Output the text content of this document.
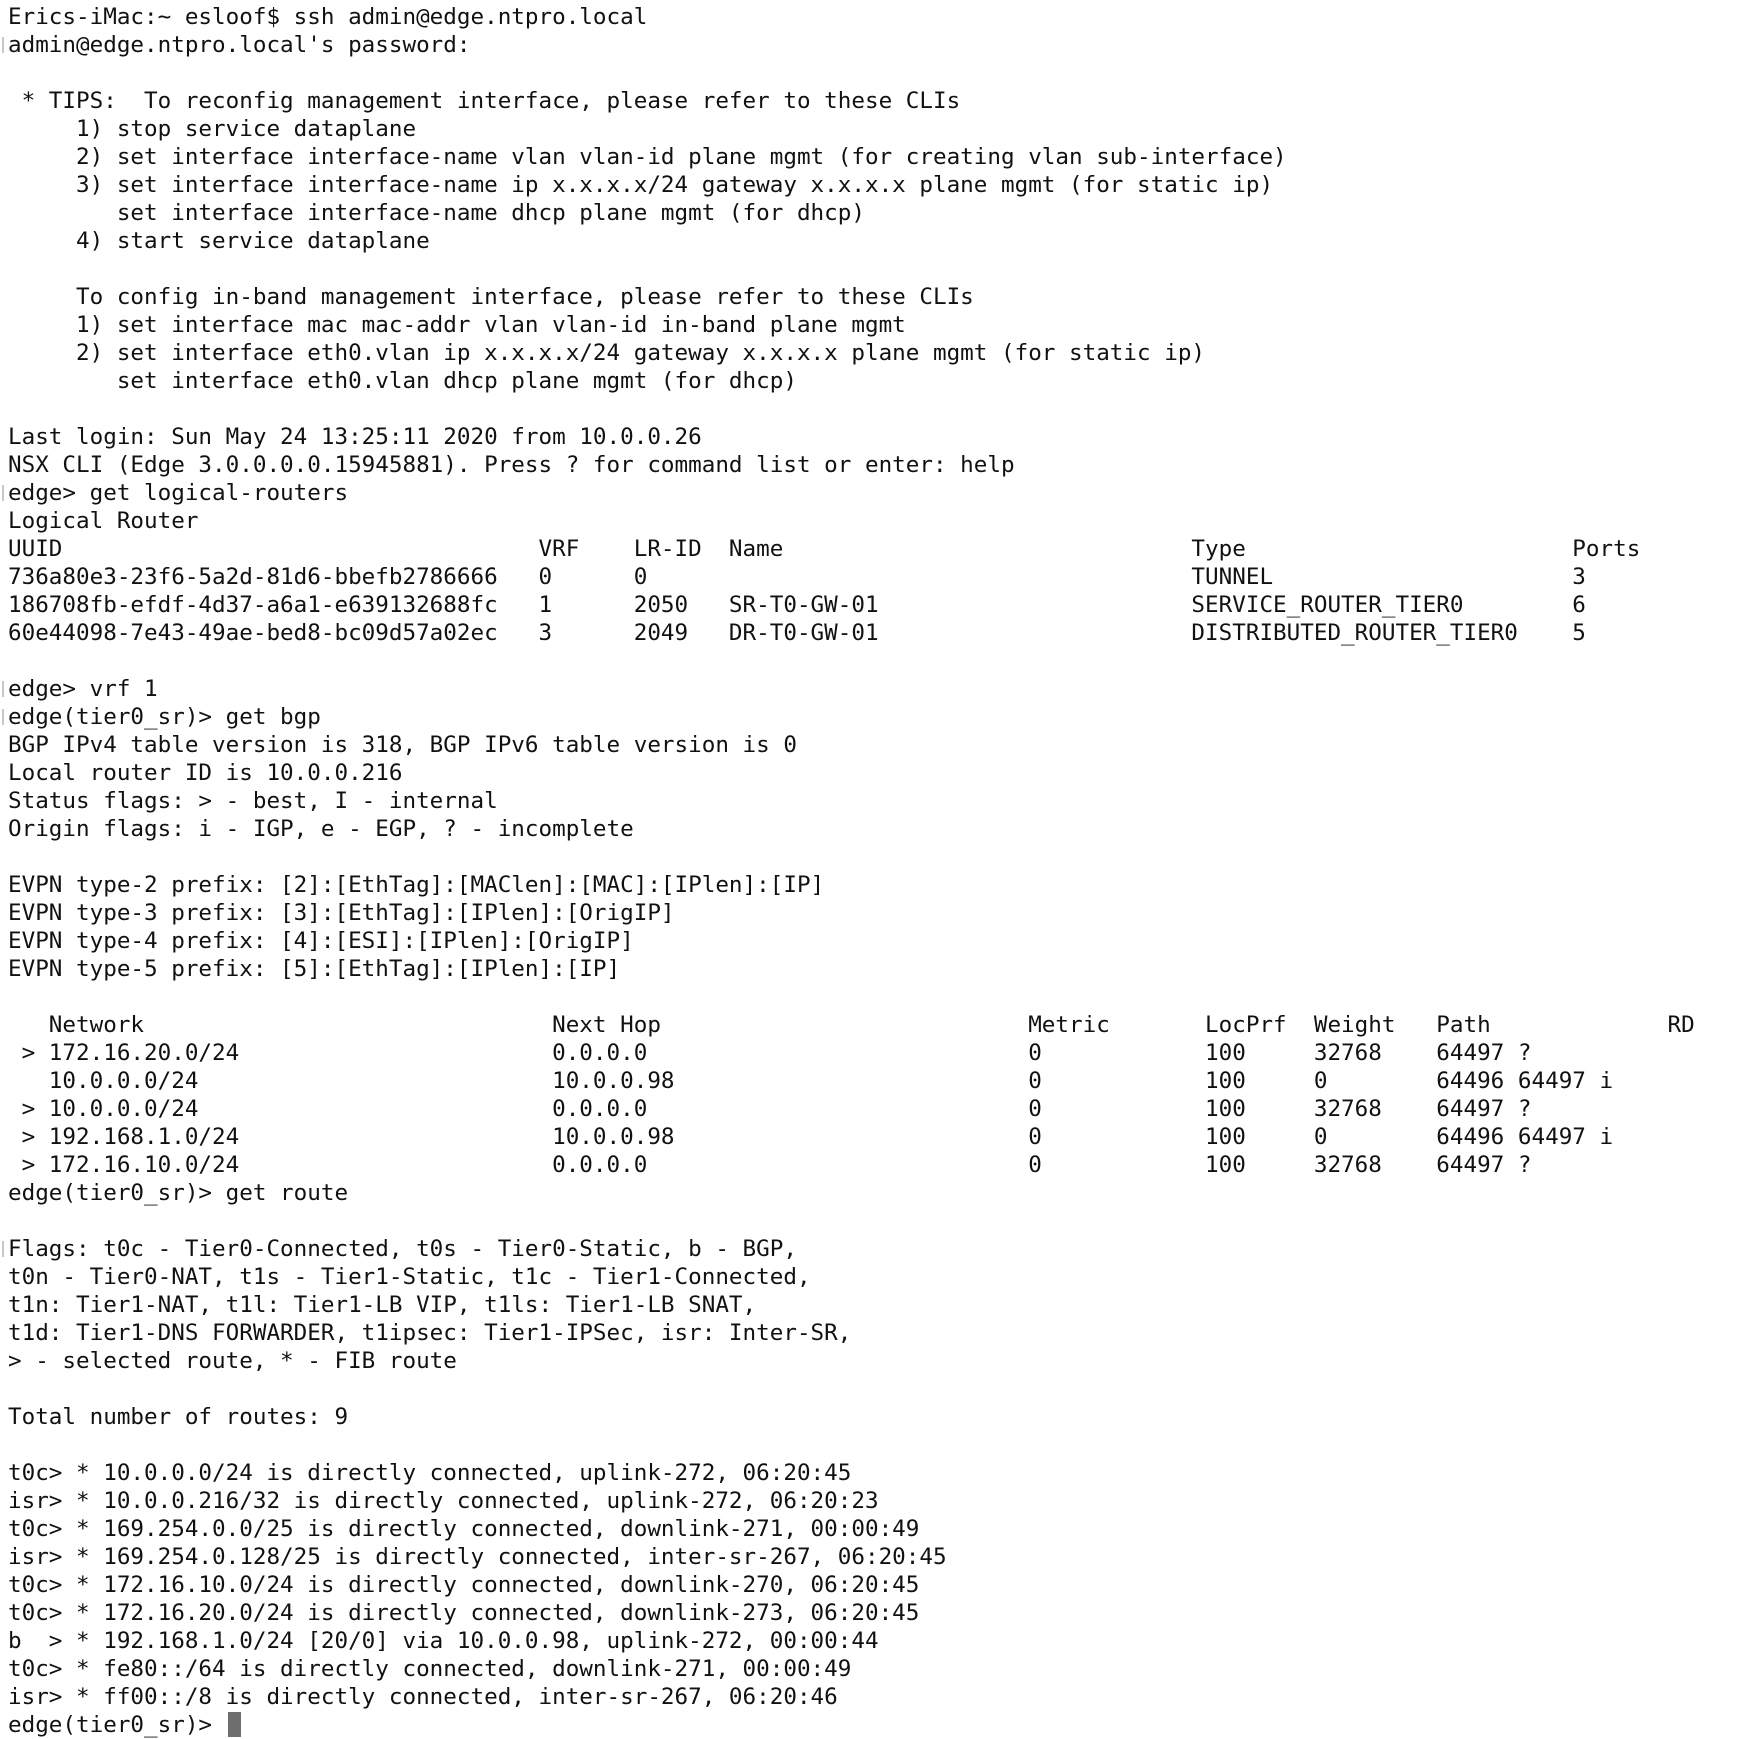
Erics-iMac:~ esloof$ ssh admin@edge.ntpro.local
admin@edge.ntpro.local's password:
* TIPS:  To reconfig management interface, please refer to these CLIs
1) stop service dataplane
2) set interface interface-name vlan vlan-id plane mgmt (for creating vlan sub-interface)
3) set interface interface-name ip x.x.x.x/24 gateway x.x.x.x plane mgmt (for static ip)
set interface interface-name dhcp plane mgmt (for dhcp)
4) start service dataplane
To config in-band management interface, please refer to these CLIs
1) set interface mac mac-addr vlan vlan-id in-band plane mgmt
2) set interface eth0.vlan ip x.x.x.x/24 gateway x.x.x.x plane mgmt (for static ip)
set interface eth0.vlan dhcp plane mgmt (for dhcp)
Last login: Sun May 24 13:25:11 2020 from 10.0.0.26
NSX CLI (Edge 3.0.0.0.0.15945881). Press ? for command list or enter: help
edge> get logical-routers
Logical Router
UUID                                   VRF    LR-ID  Name                              Type                        Ports
736a80e3-23f6-5a2d-81d6-bbefb2786666   0      0                                        TUNNEL                      3
186708fb-efdf-4d37-a6a1-e639132688fc   1      2050   SR-T0-GW-01                       SERVICE_ROUTER_TIER0        6
60e44098-7e43-49ae-bed8-bc09d57a02ec   3      2049   DR-T0-GW-01                       DISTRIBUTED_ROUTER_TIER0    5
edge> vrf 1
edge(tier0_sr)> get bgp
BGP IPv4 table version is 318, BGP IPv6 table version is 0
Local router ID is 10.0.0.216
Status flags: > - best, I - internal
Origin flags: i - IGP, e - EGP, ? - incomplete
EVPN type-2 prefix: [2]:[EthTag]:[MAClen]:[MAC]:[IPlen]:[IP]
EVPN type-3 prefix: [3]:[EthTag]:[IPlen]:[OrigIP]
EVPN type-4 prefix: [4]:[ESI]:[IPlen]:[OrigIP]
EVPN type-5 prefix: [5]:[EthTag]:[IPlen]:[IP]
Network                              Next Hop                           Metric       LocPrf  Weight   Path             RD
> 172.16.20.0/24                       0.0.0.0                            0            100     32768    64497 ?
10.0.0.0/24                          10.0.0.98                          0            100     0        64496 64497 i
> 10.0.0.0/24                          0.0.0.0                            0            100     32768    64497 ?
> 192.168.1.0/24                       10.0.0.98                          0            100     0        64496 64497 i
> 172.16.10.0/24                       0.0.0.0                            0            100     32768    64497 ?
edge(tier0_sr)> get route
Flags: t0c - Tier0-Connected, t0s - Tier0-Static, b - BGP,
t0n - Tier0-NAT, t1s - Tier1-Static, t1c - Tier1-Connected,
t1n: Tier1-NAT, t1l: Tier1-LB VIP, t1ls: Tier1-LB SNAT,
t1d: Tier1-DNS FORWARDER, t1ipsec: Tier1-IPSec, isr: Inter-SR,
> - selected route, * - FIB route
Total number of routes: 9
t0c> * 10.0.0.0/24 is directly connected, uplink-272, 06:20:45
isr> * 10.0.0.216/32 is directly connected, uplink-272, 06:20:23
t0c> * 169.254.0.0/25 is directly connected, downlink-271, 00:00:49
isr> * 169.254.0.128/25 is directly connected, inter-sr-267, 06:20:45
t0c> * 172.16.10.0/24 is directly connected, downlink-270, 06:20:45
t0c> * 172.16.20.0/24 is directly connected, downlink-273, 06:20:45
b  > * 192.168.1.0/24 [20/0] via 10.0.0.98, uplink-272, 00:00:44
t0c> * fe80::/64 is directly connected, downlink-271, 00:00:49
isr> * ff00::/8 is directly connected, inter-sr-267, 06:20:46
edge(tier0_sr)>
